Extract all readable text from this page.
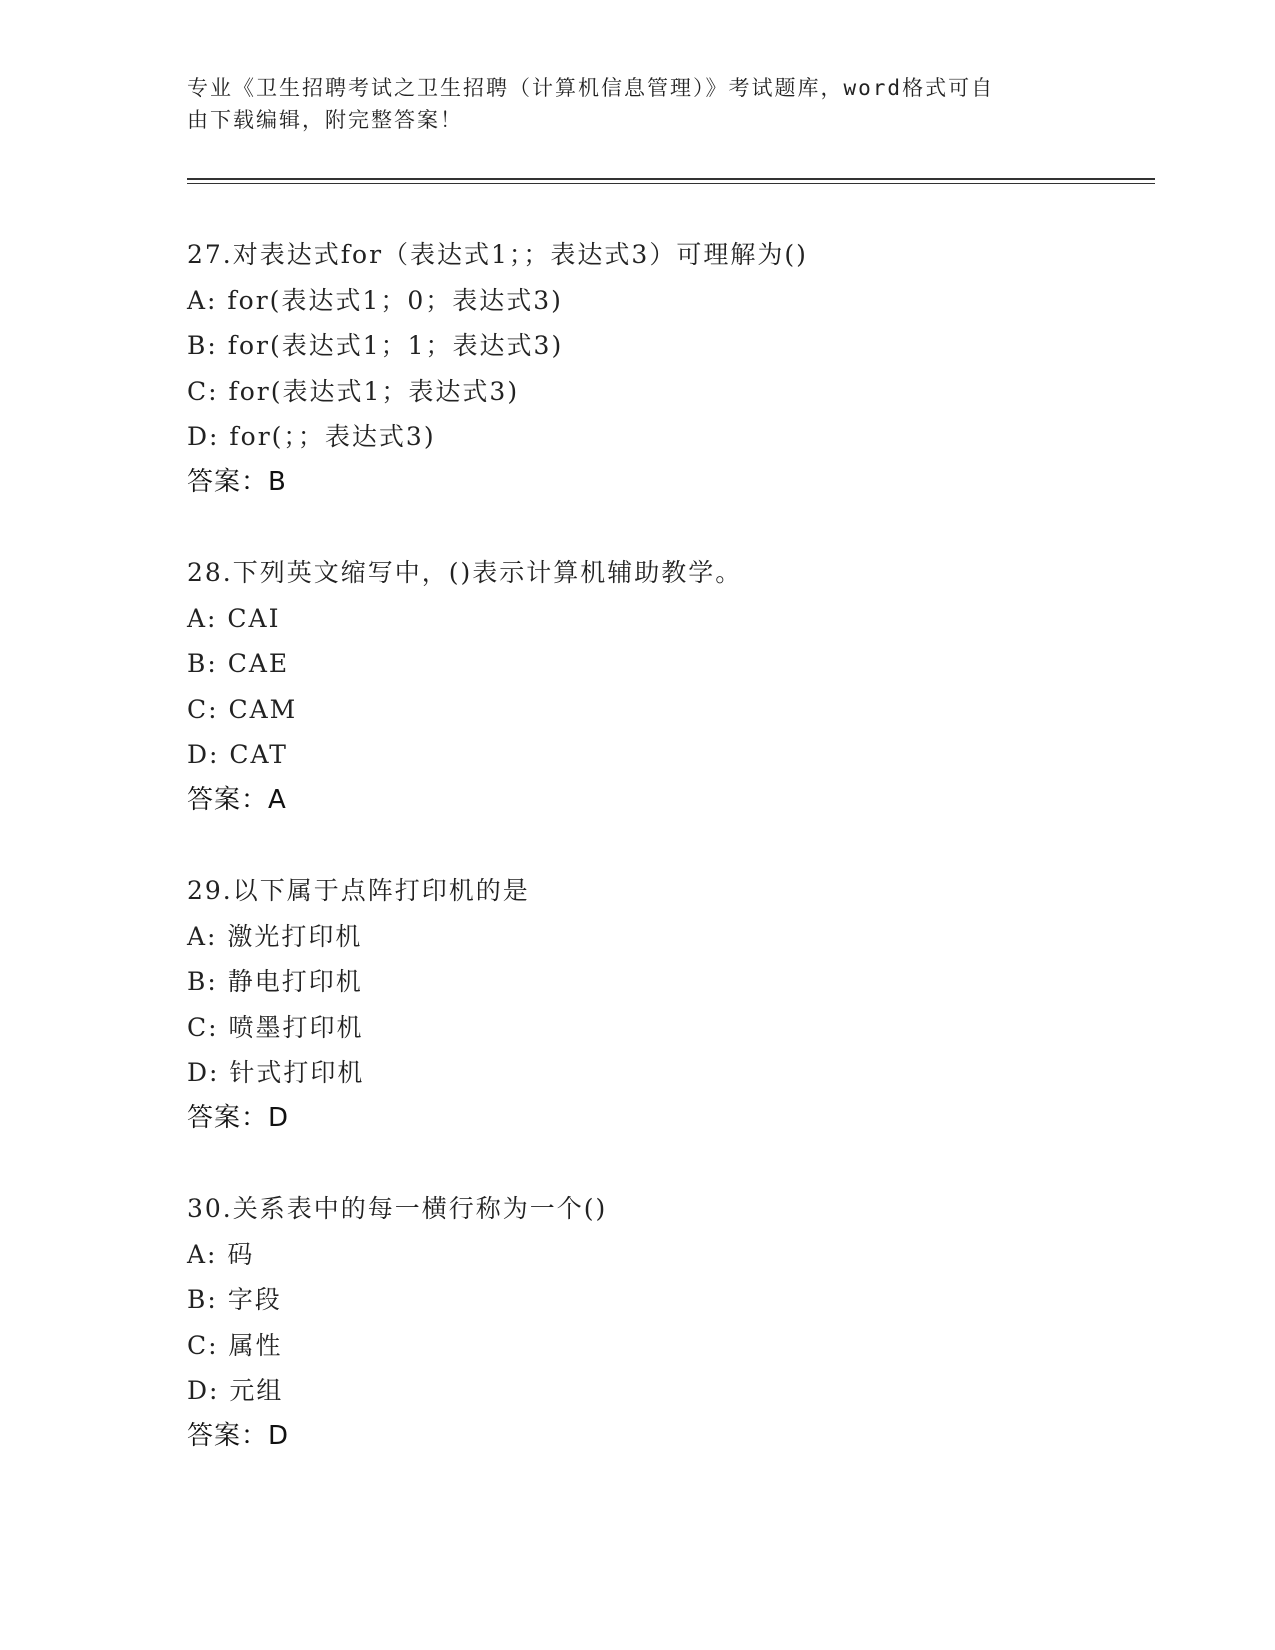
专业《卫生招聘考试之卫生招聘（计算机信息管理）》考试题库，word格式可自
由下载编辑，附完整答案！
27.对表达式for（表达式1；；表达式3）可理解为()
A: for(表达式1；0；表达式3)
B: for(表达式1；1；表达式3)
C: for(表达式1；表达式3)
D: for(；；表达式3)
答案：B
28.下列英文缩写中，()表示计算机辅助教学。
A: CAI
B: CAE
C: CAM
D: CAT
答案：A
29.以下属于点阵打印机的是
A: 激光打印机
B: 静电打印机
C: 喷墨打印机
D: 针式打印机
答案：D
30.关系表中的每一横行称为一个()
A: 码
B: 字段
C: 属性
D: 元组
答案：D
